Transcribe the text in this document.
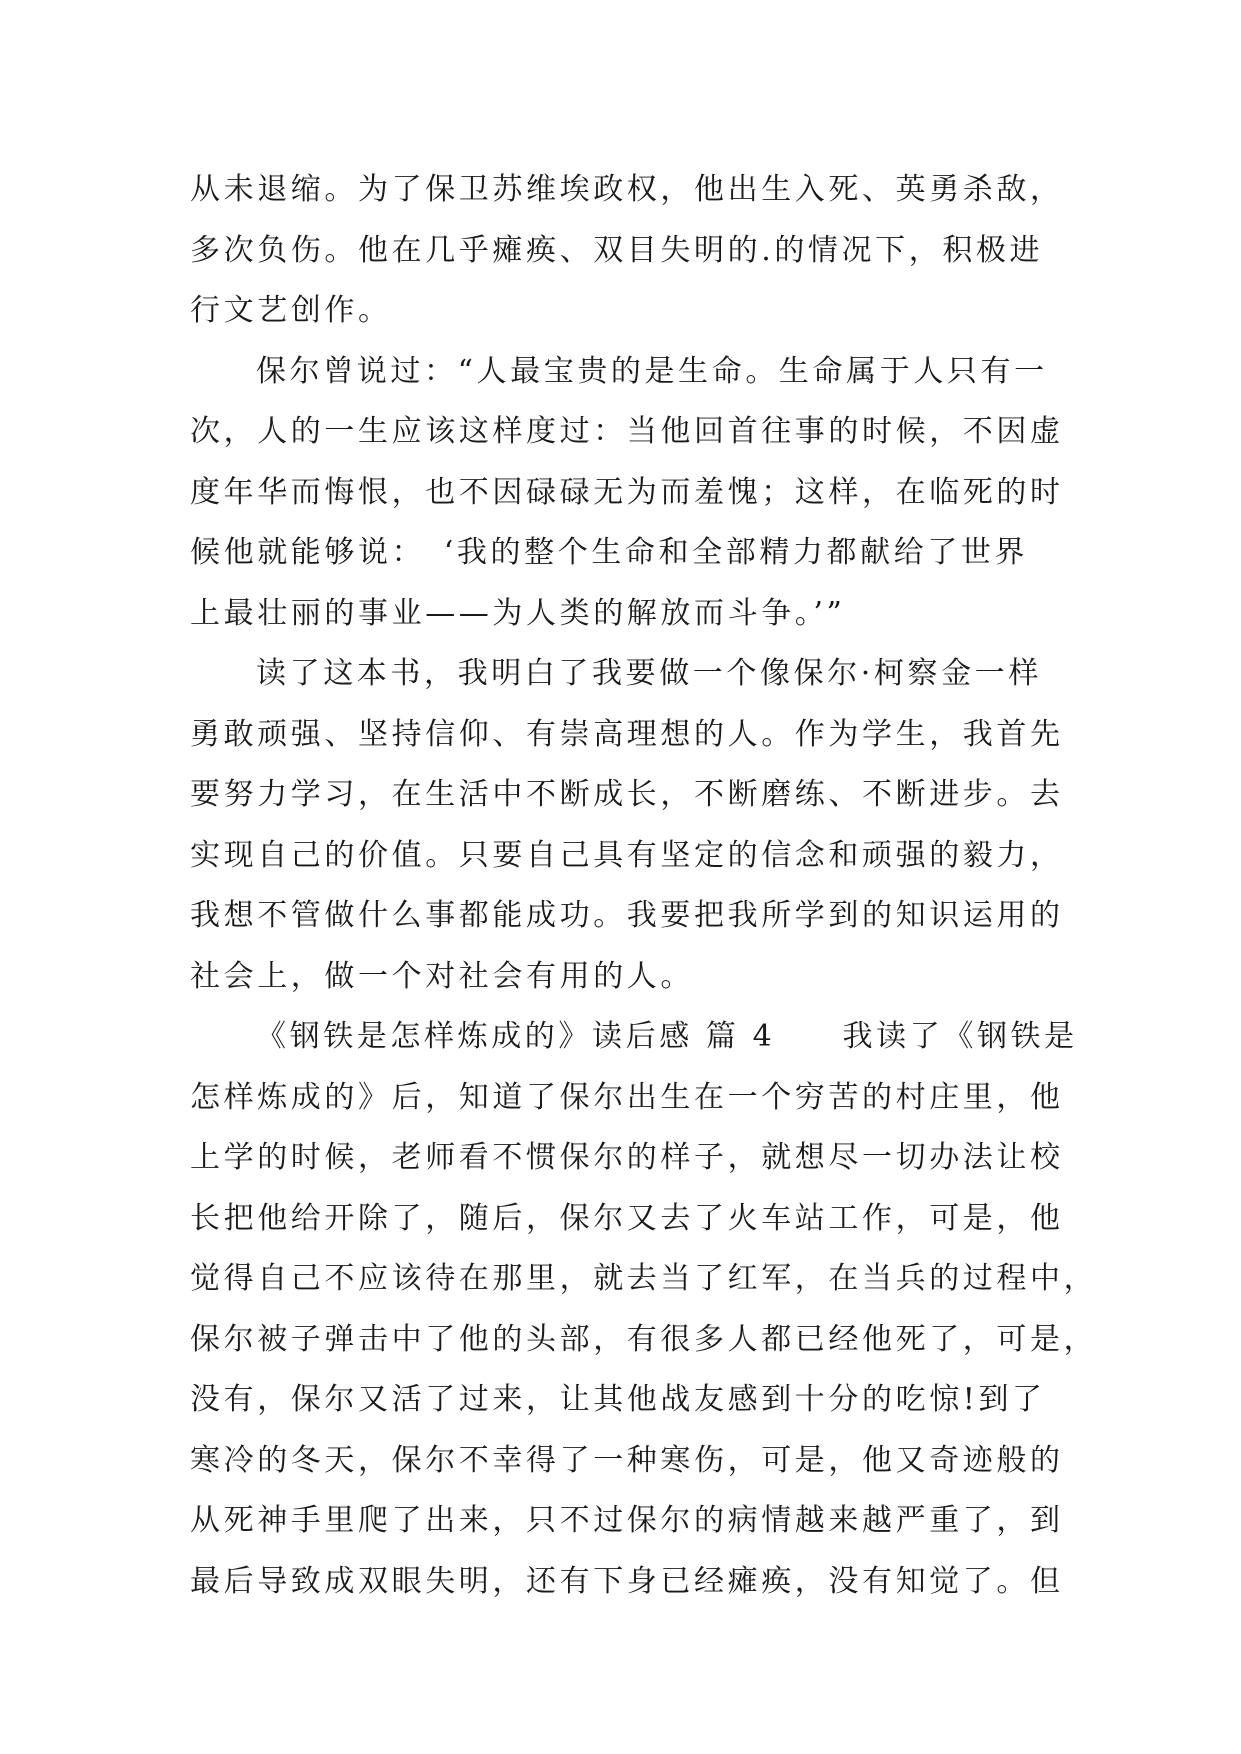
从未退缩。为了保卫苏维埃政权，他出生入死、英勇杀敌，
多次负伤。他在几乎瘫痪、双目失明的.的情况下，积极进
行文艺创作。
保尔曾说过：“人最宝贵的是生命。生命属于人只有一
次，人的一生应该这样度过：当他回首往事的时候，不因虚
度年华而悔恨，也不因碌碌无为而羞愧；这样，在临死的时
候他就能够说：　‘我的整个生命和全部精力都献给了世界
上最壮丽的事业——为人类的解放而斗争。’”
读了这本书，我明白了我要做一个像保尔·柯察金一样
勇敢顽强、坚持信仰、有崇高理想的人。作为学生，我首先
要努力学习，在生活中不断成长，不断磨练、不断进步。去
实现自己的价值。只要自己具有坚定的信念和顽强的毅力，
我想不管做什么事都能成功。我要把我所学到的知识运用的
社会上，做一个对社会有用的人。
《钢铁是怎样炼成的》读后感 篇 4　　我读了《钢铁是
怎样炼成的》后，知道了保尔出生在一个穷苦的村庄里，他
上学的时候，老师看不惯保尔的样子，就想尽一切办法让校
长把他给开除了，随后，保尔又去了火车站工作，可是，他
觉得自己不应该待在那里，就去当了红军，在当兵的过程中，
保尔被子弹击中了他的头部，有很多人都已经他死了，可是，
没有，保尔又活了过来，让其他战友感到十分的吃惊!到了
寒冷的冬天，保尔不幸得了一种寒伤，可是，他又奇迹般的
从死神手里爬了出来，只不过保尔的病情越来越严重了，到
最后导致成双眼失明，还有下身已经瘫痪，没有知觉了。但
